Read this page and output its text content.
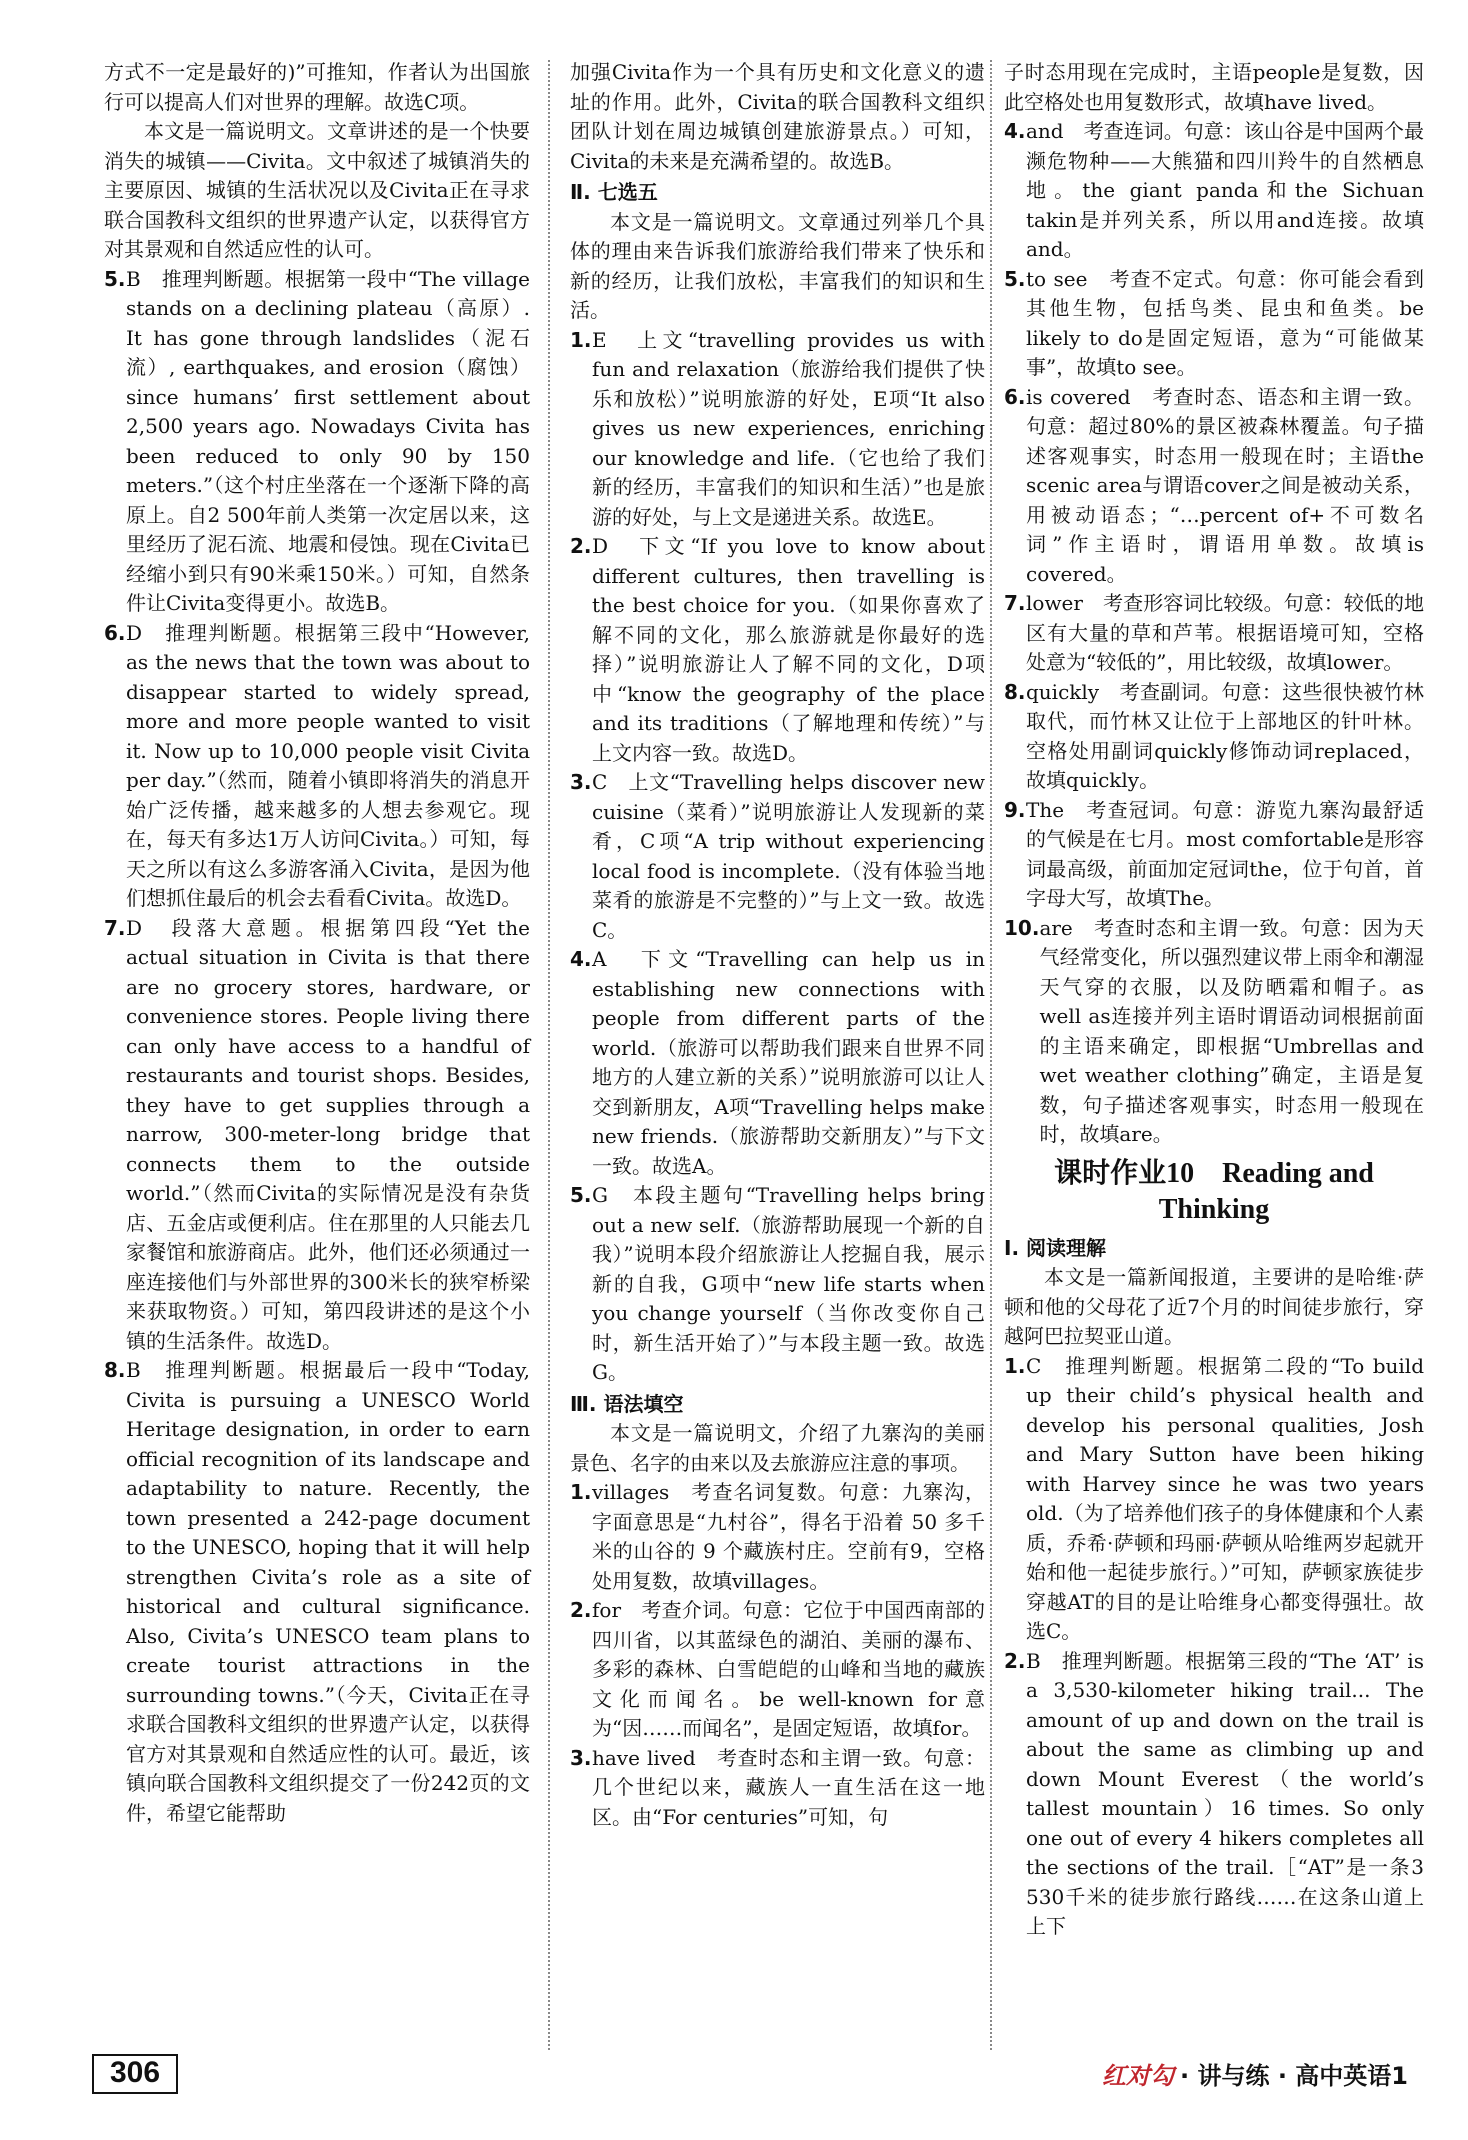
方式不一定是最好的)”可推知，作者认为出国旅行可以提高人们对世界的理解。故选C项。

本文是一篇说明文。文章讲述的是一个快要消失的城镇——Civita。文中叙述了城镇消失的主要原因、城镇的生活状况以及Civita正在寻求联合国教科文组织的世界遗产认定，以获得官方对其景观和自然适应性的认可。

5. B　推理判断题。根据第一段中“The village stands on a declining plateau（高原）. It has gone through landslides（泥石流）, earthquakes, and erosion（腐蚀）since humans’ first settlement about 2,500 years ago. Nowadays Civita has been reduced to only 90 by 150 meters.”（这个村庄坐落在一个逐渐下降的高原上。自2 500年前人类第一次定居以来，这里经历了泥石流、地震和侵蚀。现在Civita已经缩小到只有90米乘150米。）可知，自然条件让Civita变得更小。故选B。
6. D　推理判断题。根据第三段中“However, as the news that the town was about to disappear started to widely spread, more and more people wanted to visit it. Now up to 10,000 people visit Civita per day.”（然而，随着小镇即将消失的消息开始广泛传播，越来越多的人想去参观它。现在，每天有多达1万人访问Civita。）可知，每天之所以有这么多游客涌入Civita，是因为他们想抓住最后的机会去看看Civita。故选D。
7. D　段落大意题。根据第四段“Yet the actual situation in Civita is that there are no grocery stores, hardware, or convenience stores. People living there can only have access to a handful of restaurants and tourist shops. Besides, they have to get supplies through a narrow, 300-meter-long bridge that connects them to the outside world.”（然而Civita的实际情况是没有杂货店、五金店或便利店。住在那里的人只能去几家餐馆和旅游商店。此外，他们还必须通过一座连接他们与外部世界的300米长的狭窄桥梁来获取物资。）可知，第四段讲述的是这个小镇的生活条件。故选D。
8. B　推理判断题。根据最后一段中“Today, Civita is pursuing a UNESCO World Heritage designation, in order to earn official recognition of its landscape and adaptability to nature. Recently, the town presented a 242-page document to the UNESCO, hoping that it will help strengthen Civita’s role as a site of historical and cultural significance. Also, Civita’s UNESCO team plans to create tourist attractions in the surrounding towns.”（今天，Civita正在寻求联合国教科文组织的世界遗产认定，以获得官方对其景观和自然适应性的认可。最近，该镇向联合国教科文组织提交了一份242页的文件，希望它能帮助

加强Civita作为一个具有历史和文化意义的遗址的作用。此外，Civita的联合国教科文组织团队计划在周边城镇创建旅游景点。）可知，Civita的未来是充满希望的。故选B。

Ⅱ. 七选五

本文是一篇说明文。文章通过列举几个具体的理由来告诉我们旅游给我们带来了快乐和新的经历，让我们放松，丰富我们的知识和生活。

1. E　上文“travelling provides us with fun and relaxation（旅游给我们提供了快乐和放松）”说明旅游的好处，E项“It also gives us new experiences, enriching our knowledge and life.（它也给了我们新的经历，丰富我们的知识和生活）”也是旅游的好处，与上文是递进关系。故选E。
2. D　下文“If you love to know about different cultures, then travelling is the best choice for you.（如果你喜欢了解不同的文化，那么旅游就是你最好的选择）”说明旅游让人了解不同的文化，D项中“know the geography of the place and its traditions（了解地理和传统）”与上文内容一致。故选D。
3. C　上文“Travelling helps discover new cuisine（菜肴）”说明旅游让人发现新的菜肴，C项“A trip without experiencing local food is incomplete.（没有体验当地菜肴的旅游是不完整的）”与上文一致。故选C。
4. A　下文“Travelling can help us in establishing new connections with people from different parts of the world.（旅游可以帮助我们跟来自世界不同地方的人建立新的关系）”说明旅游可以让人交到新朋友，A项“Travelling helps make new friends.（旅游帮助交新朋友）”与下文一致。故选A。
5. G　本段主题句“Travelling helps bring out a new self.（旅游帮助展现一个新的自我）”说明本段介绍旅游让人挖掘自我，展示新的自我，G项中“new life starts when you change yourself（当你改变你自己时，新生活开始了）”与本段主题一致。故选G。
Ⅲ. 语法填空

本文是一篇说明文，介绍了九寨沟的美丽景色、名字的由来以及去旅游应注意的事项。

1. villages　考查名词复数。句意：九寨沟，字面意思是“九村谷”，得名于沿着 50 多千米的山谷的 9 个藏族村庄。空前有9，空格处用复数，故填villages。
2. for　考查介词。句意：它位于中国西南部的四川省，以其蓝绿色的湖泊、美丽的瀑布、多彩的森林、白雪皑皑的山峰和当地的藏族文化而闻名。be well-known for意为“因……而闻名”，是固定短语，故填for。
3. have lived　考查时态和主谓一致。句意：几个世纪以来，藏族人一直生活在这一地区。由“For centuries”可知，句

子时态用现在完成时，主语people是复数，因此空格处也用复数形式，故填have lived。

4. and　考查连词。句意：该山谷是中国两个最濒危物种——大熊猫和四川羚牛的自然栖息地。the giant panda和the Sichuan takin是并列关系，所以用and连接。故填and。
5. to see　考查不定式。句意：你可能会看到其他生物，包括鸟类、昆虫和鱼类。be likely to do是固定短语，意为“可能做某事”，故填to see。
6. is covered　考查时态、语态和主谓一致。句意：超过80%的景区被森林覆盖。句子描述客观事实，时态用一般现在时；主语the scenic area与谓语cover之间是被动关系，用被动语态；“…percent of+不可数名词”作主语时，谓语用单数。故填is covered。
7. lower　考查形容词比较级。句意：较低的地区有大量的草和芦苇。根据语境可知，空格处意为“较低的”，用比较级，故填lower。
8. quickly　考查副词。句意：这些很快被竹林取代，而竹林又让位于上部地区的针叶林。空格处用副词quickly修饰动词replaced，故填quickly。
9. The　考查冠词。句意：游览九寨沟最舒适的气候是在七月。most comfortable是形容词最高级，前面加定冠词the，位于句首，首字母大写，故填The。
10. are　考查时态和主谓一致。句意：因为天气经常变化，所以强烈建议带上雨伞和潮湿天气穿的衣服，以及防晒霜和帽子。as well as连接并列主语时谓语动词根据前面的主语来确定，即根据“Umbrellas and wet weather clothing”确定，主语是复数，句子描述客观事实，时态用一般现在时，故填are。
课时作业10　Reading and Thinking
Ⅰ. 阅读理解

本文是一篇新闻报道，主要讲的是哈维·萨顿和他的父母花了近7个月的时间徒步旅行，穿越阿巴拉契亚山道。

1. C　推理判断题。根据第二段的“To build up their child’s physical health and develop his personal qualities, Josh and Mary Sutton have been hiking with Harvey since he was two years old.（为了培养他们孩子的身体健康和个人素质，乔希·萨顿和玛丽·萨顿从哈维两岁起就开始和他一起徒步旅行。）”可知，萨顿家族徒步穿越AT的目的是让哈维身心都变得强壮。故选C。
2. B　推理判断题。根据第三段的“The ‘AT’ is a 3,530-kilometer hiking trail... The amount of up and down on the trail is about the same as climbing up and down Mount Everest（the world’s tallest mountain）16 times. So only one out of every 4 hikers completes all the sections of the trail.［“AT”是一条3 530千米的徒步旅行路线……在这条山道上上下
306	红对勾 · 讲与练 · 高中英语1
